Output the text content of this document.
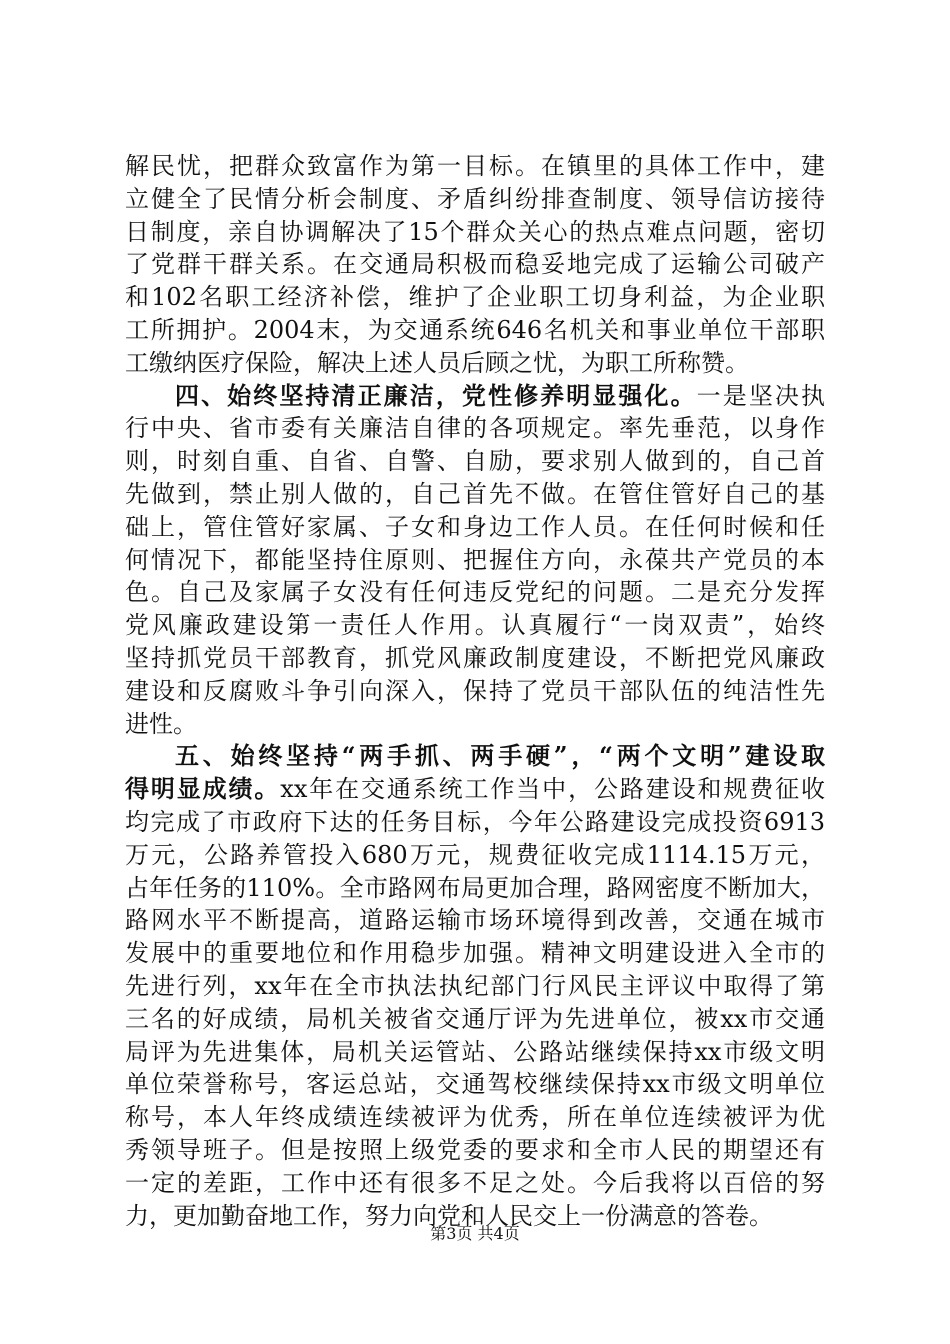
解民忧，把群众致富作为第一目标。在镇里的具体工作中，建
立健全了民情分析会制度、矛盾纠纷排查制度、领导信访接待
日制度，亲自协调解决了15个群众关心的热点难点问题，密切
了党群干群关系。在交通局积极而稳妥地完成了运输公司破产
和102名职工经济补偿，维护了企业职工切身利益，为企业职
工所拥护。2004末，为交通系统646名机关和事业单位干部职
工缴纳医疗保险，解决上述人员后顾之忧，为职工所称赞。
四、始终坚持清正廉洁，党性修养明显强化。一是坚决执
行中央、省市委有关廉洁自律的各项规定。率先垂范，以身作
则，时刻自重、自省、自警、自励，要求别人做到的，自己首
先做到，禁止别人做的，自己首先不做。在管住管好自己的基
础上，管住管好家属、子女和身边工作人员。在任何时候和任
何情况下，都能坚持住原则、把握住方向，永葆共产党员的本
色。自己及家属子女没有任何违反党纪的问题。二是充分发挥
党风廉政建设第一责任人作用。认真履行“一岗双责”，始终
坚持抓党员干部教育，抓党风廉政制度建设，不断把党风廉政
建设和反腐败斗争引向深入，保持了党员干部队伍的纯洁性先
进性。
五、始终坚持“两手抓、两手硬”，“两个文明”建设取
得明显成绩。xx年在交通系统工作当中，公路建设和规费征收
均完成了市政府下达的任务目标，今年公路建设完成投资6913
万元，公路养管投入680万元，规费征收完成1114.15万元，
占年任务的110%。全市路网布局更加合理，路网密度不断加大，
路网水平不断提高，道路运输市场环境得到改善，交通在城市
发展中的重要地位和作用稳步加强。精神文明建设进入全市的
先进行列，xx年在全市执法执纪部门行风民主评议中取得了第
三名的好成绩，局机关被省交通厅评为先进单位，被xx市交通
局评为先进集体，局机关运管站、公路站继续保持xx市级文明
单位荣誉称号，客运总站，交通驾校继续保持xx市级文明单位
称号，本人年终成绩连续被评为优秀，所在单位连续被评为优
秀领导班子。但是按照上级党委的要求和全市人民的期望还有
一定的差距，工作中还有很多不足之处。今后我将以百倍的努
力，更加勤奋地工作，努力向党和人民交上一份满意的答卷。
第3页 共4页
